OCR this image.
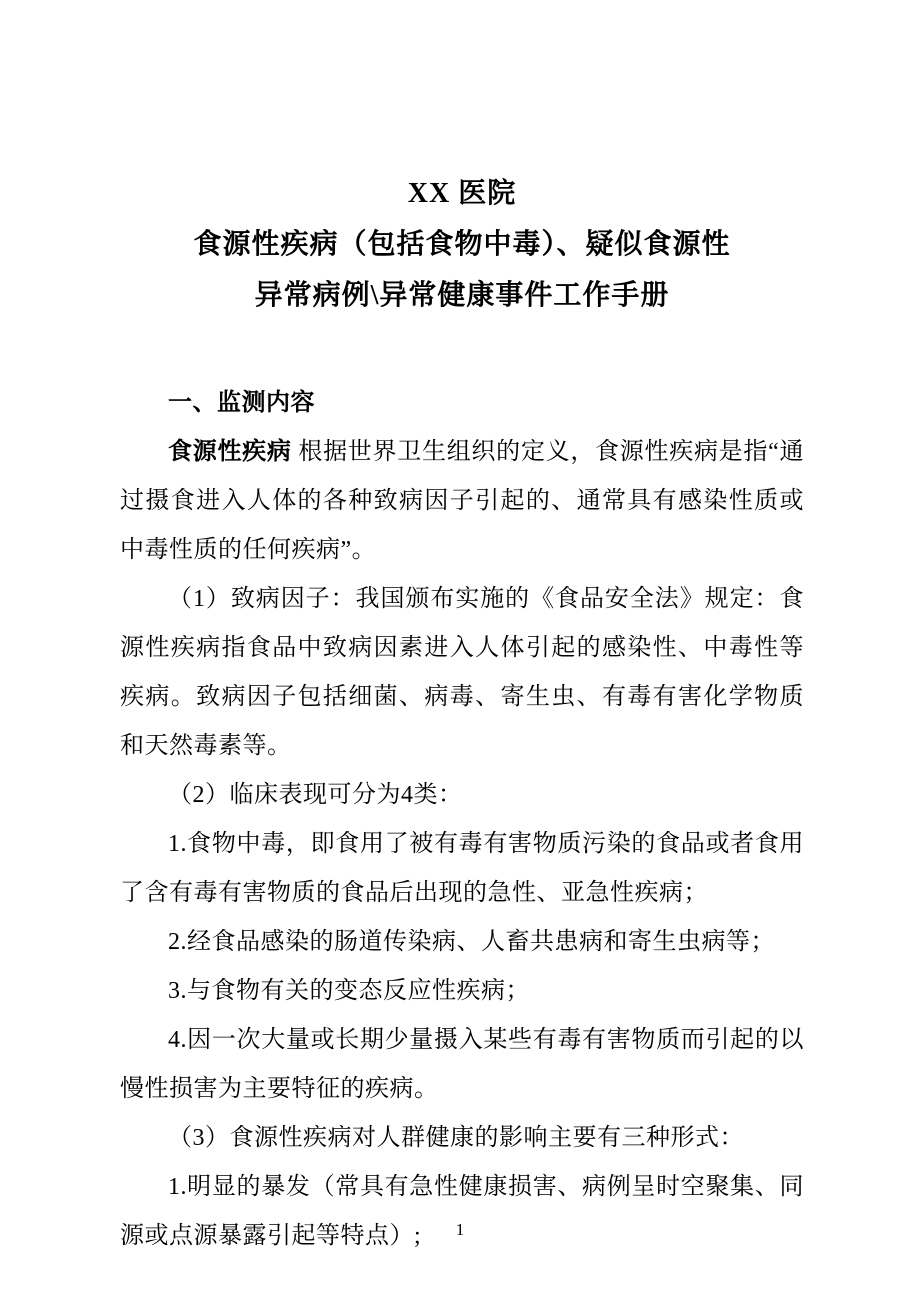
XX 医院
食源性疾病（包括食物中毒）、疑似食源性
异常病例\异常健康事件工作手册
一、监测内容

食源性疾病 根据世界卫生组织的定义，食源性疾病是指“通过摄食进入人体的各种致病因子引起的、通常具有感染性质或中毒性质的任何疾病”。

（1）致病因子：我国颁布实施的《食品安全法》规定：食源性疾病指食品中致病因素进入人体引起的感染性、中毒性等疾病。致病因子包括细菌、病毒、寄生虫、有毒有害化学物质和天然毒素等。

（2）临床表现可分为4类：

1.食物中毒，即食用了被有毒有害物质污染的食品或者食用了含有毒有害物质的食品后出现的急性、亚急性疾病；

2.经食品感染的肠道传染病、人畜共患病和寄生虫病等；

3.与食物有关的变态反应性疾病；

4.因一次大量或长期少量摄入某些有毒有害物质而引起的以慢性损害为主要特征的疾病。

（3）食源性疾病对人群健康的影响主要有三种形式：

1.明显的暴发（常具有急性健康损害、病例呈时空聚集、同源或点源暴露引起等特点）;	1
